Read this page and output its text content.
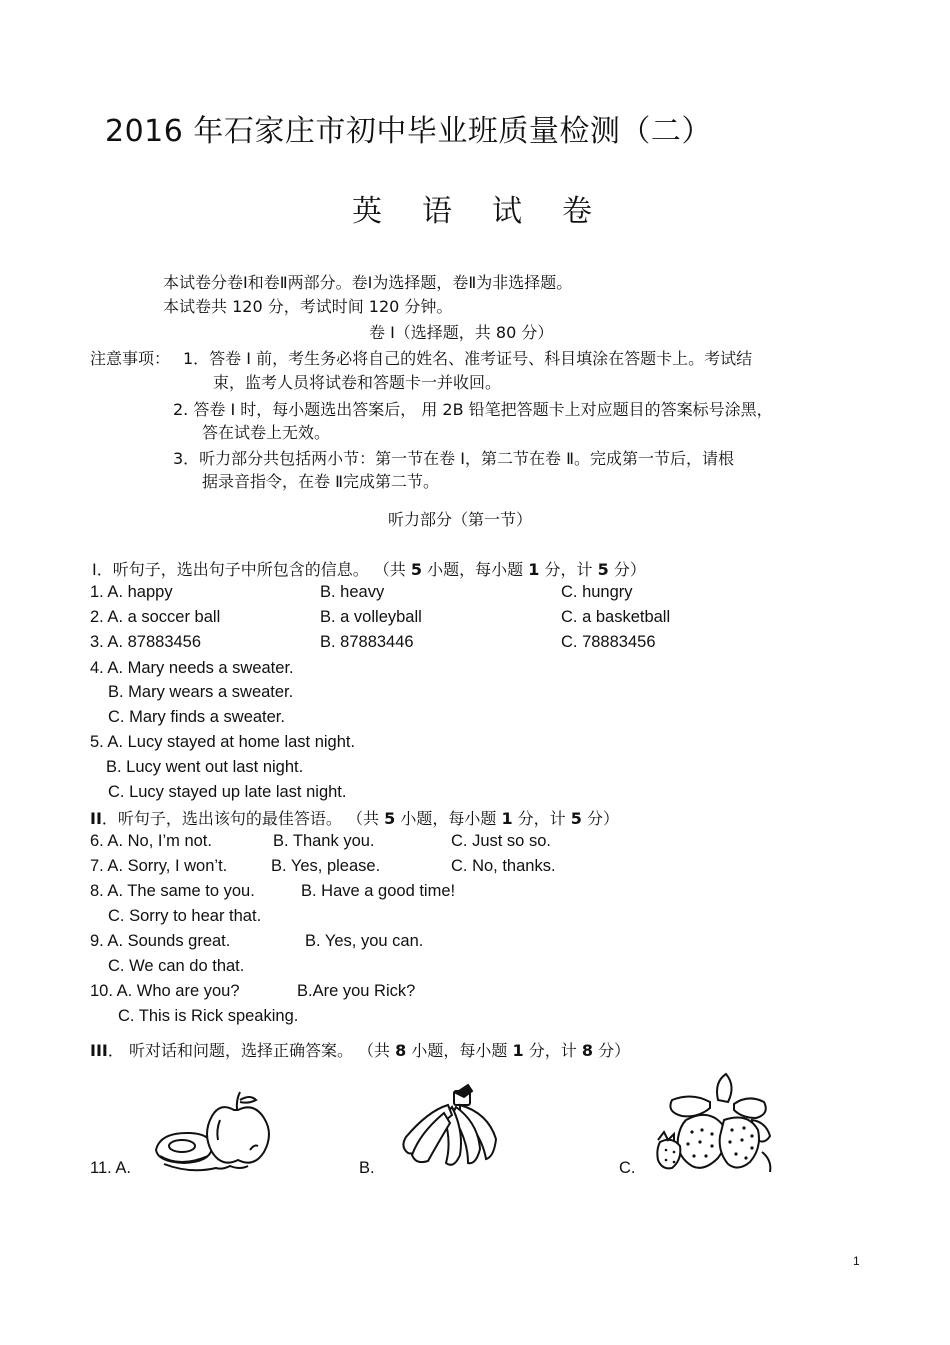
2016 年石家庄市初中毕业班质量检测（二）
英 语 试 卷
本试卷分卷Ⅰ和卷Ⅱ两部分。卷Ⅰ为选择题，卷Ⅱ为非选择题。
本试卷共 120 分，考试时间 120 分钟。
卷 I（选择题，共 80 分）
注意事项： 1．答卷 Ⅰ 前，考生务必将自己的姓名、准考证号、科目填涂在答题卡上。考试结
束，监考人员将试卷和答题卡一并收回。
2. 答卷 Ⅰ 时，每小题选出答案后， 用 2B 铅笔把答题卡上对应题目的答案标号涂黑，
答在试卷上无效。
3．听力部分共包括两小节：第一节在卷 Ⅰ，第二节在卷 Ⅱ。完成第一节后，请根
据录音指令，在卷 Ⅱ完成第二节。
听力部分（第一节）
Ⅰ．听句子，选出句子中所包含的信息。 （共 5 小题，每小题 1 分，计 5 分）
1. A. happy	B. heavy	C. hungry
2. A. a soccer ball	B. a volleyball	C. a basketball
3. A. 87883456	B. 87883446	C. 78883456
4. A. Mary needs a sweater.
B. Mary wears a sweater.
C. Mary finds a sweater.
5. A. Lucy stayed at home last night.
B. Lucy went out last night.
C. Lucy stayed up late last night.
II．听句子，选出该句的最佳答语。 （共 5 小题，每小题 1 分，计 5 分）
6. A. No, I’m not.	B. Thank you.	C. Just so so.
7. A. Sorry, I won’t.	B. Yes, please.	C. No, thanks.
8. A. The same to you.	B. Have a good time!
C. Sorry to hear that.
9. A. Sounds great.	B. Yes, you can.
C. We can do that.
10. A. Who are you?	B.Are you Rick?
C. This is Rick speaking.
III． 听对话和问题，选择正确答案。 （共 8 小题，每小题 1 分，计 8 分）
11. A.	B.	C.
1
